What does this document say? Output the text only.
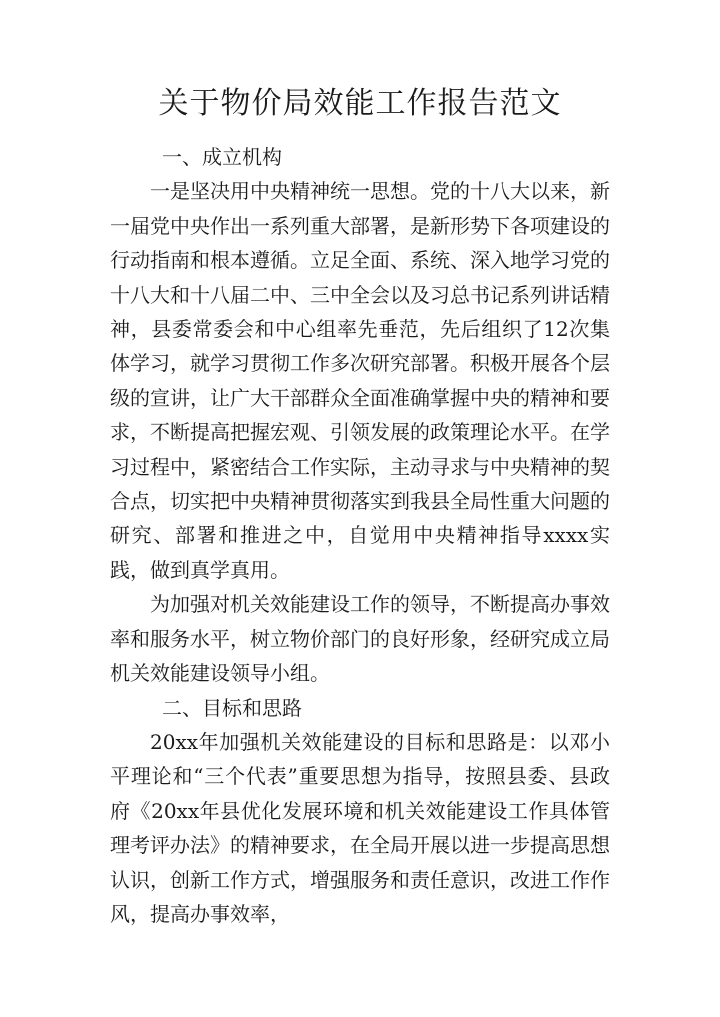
关于物价局效能工作报告范文

一、成立机构

一是坚决用中央精神统一思想。党的十八大以来，新一届党中央作出一系列重大部署，是新形势下各项建设的行动指南和根本遵循。立足全面、系统、深入地学习党的十八大和十八届二中、三中全会以及习总书记系列讲话精神，县委常委会和中心组率先垂范，先后组织了12次集体学习，就学习贯彻工作多次研究部署。积极开展各个层级的宣讲，让广大干部群众全面准确掌握中央的精神和要求，不断提高把握宏观、引领发展的政策理论水平。在学习过程中，紧密结合工作实际，主动寻求与中央精神的契合点，切实把中央精神贯彻落实到我县全局性重大问题的研究、部署和推进之中，自觉用中央精神指导xxxx实践，做到真学真用。

为加强对机关效能建设工作的领导，不断提高办事效率和服务水平，树立物价部门的良好形象，经研究成立局机关效能建设领导小组。

二、目标和思路

20xx年加强机关效能建设的目标和思路是：以邓小平理论和“三个代表”重要思想为指导，按照县委、县政府《20xx年县优化发展环境和机关效能建设工作具体管理考评办法》的精神要求，在全局开展以进一步提高思想认识，创新工作方式，增强服务和责任意识，改进工作作风，提高办事效率，
